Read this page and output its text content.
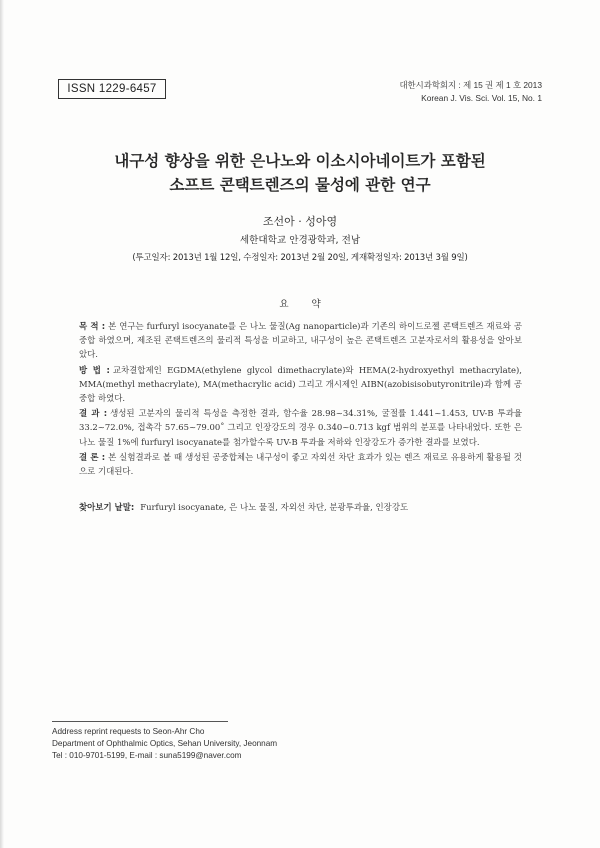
ISSN 1229-6457	대한시과학회지 : 제 15 권 제 1 호 2013
Korean J. Vis. Sci. Vol. 15, No. 1
내구성 향상을 위한 은나노와 이소시아네이트가 포함된
소프트 콘택트렌즈의 물성에 관한 연구
조선아 · 성아영
세한대학교 안경광학과, 전남
(투고일자: 2013년 1월 12일, 수정일자: 2013년 2월 20일, 게재확정일자: 2013년 3월 9일)
요 약

목 적 : 본 연구는 furfuryl isocyanate를 은 나노 물질(Ag nanoparticle)과 기존의 하이드로젤 콘택트렌즈 재료와 공중합 하였으며, 제조된 콘택트렌즈의 물리적 특성을 비교하고, 내구성이 높은 콘택트렌즈 고분자로서의 활용성을 알아보았다.

방 법 : 교차결합제인 EGDMA(ethylene glycol dimethacrylate)와 HEMA(2-hydroxyethyl methacrylate), MMA(methyl methacrylate), MA(methacrylic acid) 그리고 개시제인 AIBN(azobisisobutyronitrile)과 함께 공중합 하였다.

결 과 : 생성된 고분자의 물리적 특성을 측정한 결과, 함수율 28.98~34.31%, 굴절률 1.441~1.453, UV-B 투과율 33.2~72.0%, 접촉각 57.65~79.00˚ 그리고 인장강도의 경우 0.340~0.713 kgf 범위의 분포를 나타내었다. 또한 은 나노 물질 1%에 furfuryl isocyanate를 첨가할수록 UV-B 투과율 저하와 인장강도가 증가한 결과를 보였다.

결 론 : 본 실험결과로 볼 때 생성된 공중합체는 내구성이 좋고 자외선 차단 효과가 있는 렌즈 재료로 유용하게 활용될 것으로 기대된다.

찾아보기 낱말: Furfuryl isocyanate, 은 나노 물질, 자외선 차단, 분광투과율, 인장강도
Address reprint requests to Seon-Ahr Cho
Department of Ophthalmic Optics, Sehan University, Jeonnam
Tel : 010-9701-5199, E-mail : suna5199@naver.com
